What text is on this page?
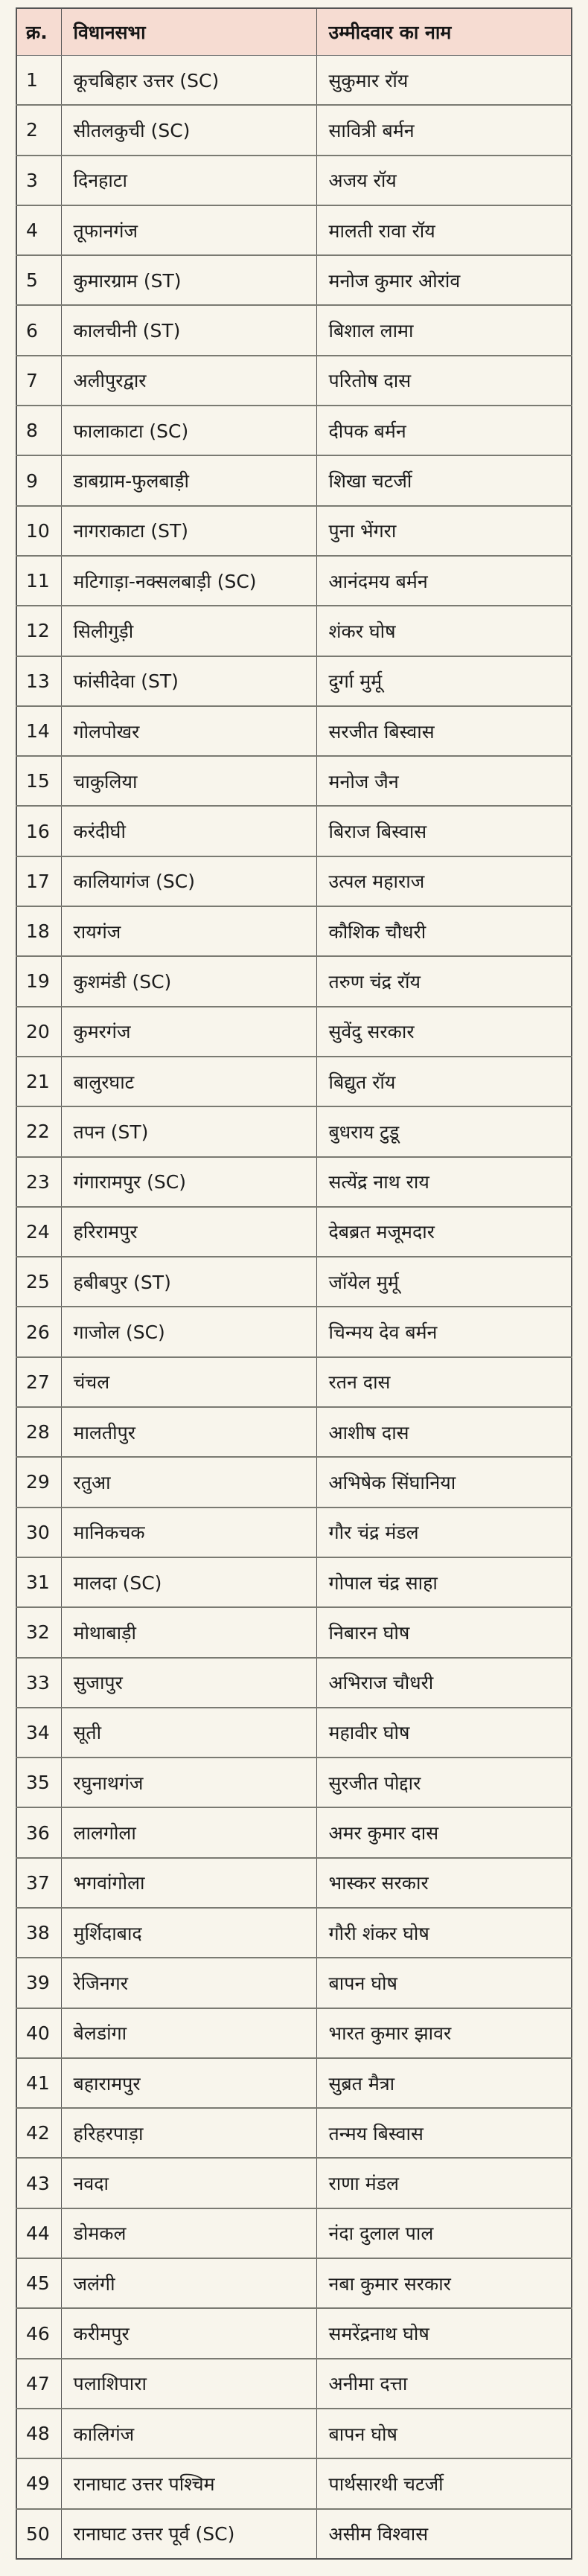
क्र.	विधानसभा	उम्मीदवार का नाम
1	कूचबिहार उत्तर (SC)	सुकुमार रॉय
2	सीतलकुची (SC)	सावित्री बर्मन
3	दिनहाटा	अजय रॉय
4	तूफानगंज	मालती रावा रॉय
5	कुमारग्राम (ST)	मनोज कुमार ओरांव
6	कालचीनी (ST)	बिशाल लामा
7	अलीपुरद्वार	परितोष दास
8	फालाकाटा (SC)	दीपक बर्मन
9	डाबग्राम-फुलबाड़ी	शिखा चटर्जी
10	नागराकाटा (ST)	पुना भेंगरा
11	मटिगाड़ा-नक्सलबाड़ी (SC)	आनंदमय बर्मन
12	सिलीगुड़ी	शंकर घोष
13	फांसीदेवा (ST)	दुर्गा मुर्मू
14	गोलपोखर	सरजीत बिस्वास
15	चाकुलिया	मनोज जैन
16	करंदीघी	बिराज बिस्वास
17	कालियागंज (SC)	उत्पल महाराज
18	रायगंज	कौशिक चौधरी
19	कुशमंडी (SC)	तरुण चंद्र रॉय
20	कुमरगंज	सुवेंदु सरकार
21	बालुरघाट	बिद्युत रॉय
22	तपन (ST)	बुधराय टुडू
23	गंगारामपुर (SC)	सत्येंद्र नाथ राय
24	हरिरामपुर	देबब्रत मजूमदार
25	हबीबपुर (ST)	जॉयेल मुर्मू
26	गाजोल (SC)	चिन्मय देव बर्मन
27	चंचल	रतन दास
28	मालतीपुर	आशीष दास
29	रतुआ	अभिषेक सिंघानिया
30	मानिकचक	गौर चंद्र मंडल
31	मालदा (SC)	गोपाल चंद्र साहा
32	मोथाबाड़ी	निबारन घोष
33	सुजापुर	अभिराज चौधरी
34	सूती	महावीर घोष
35	रघुनाथगंज	सुरजीत पोद्दार
36	लालगोला	अमर कुमार दास
37	भगवांगोला	भास्कर सरकार
38	मुर्शिदाबाद	गौरी शंकर घोष
39	रेजिनगर	बापन घोष
40	बेलडांगा	भारत कुमार झावर
41	बहारामपुर	सुब्रत मैत्रा
42	हरिहरपाड़ा	तन्मय बिस्वास
43	नवदा	राणा मंडल
44	डोमकल	नंदा दुलाल पाल
45	जलंगी	नबा कुमार सरकार
46	करीमपुर	समरेंद्रनाथ घोष
47	पलाशिपारा	अनीमा दत्ता
48	कालिगंज	बापन घोष
49	रानाघाट उत्तर पश्चिम	पार्थसारथी चटर्जी
50	रानाघाट उत्तर पूर्व (SC)	असीम विश्वास
